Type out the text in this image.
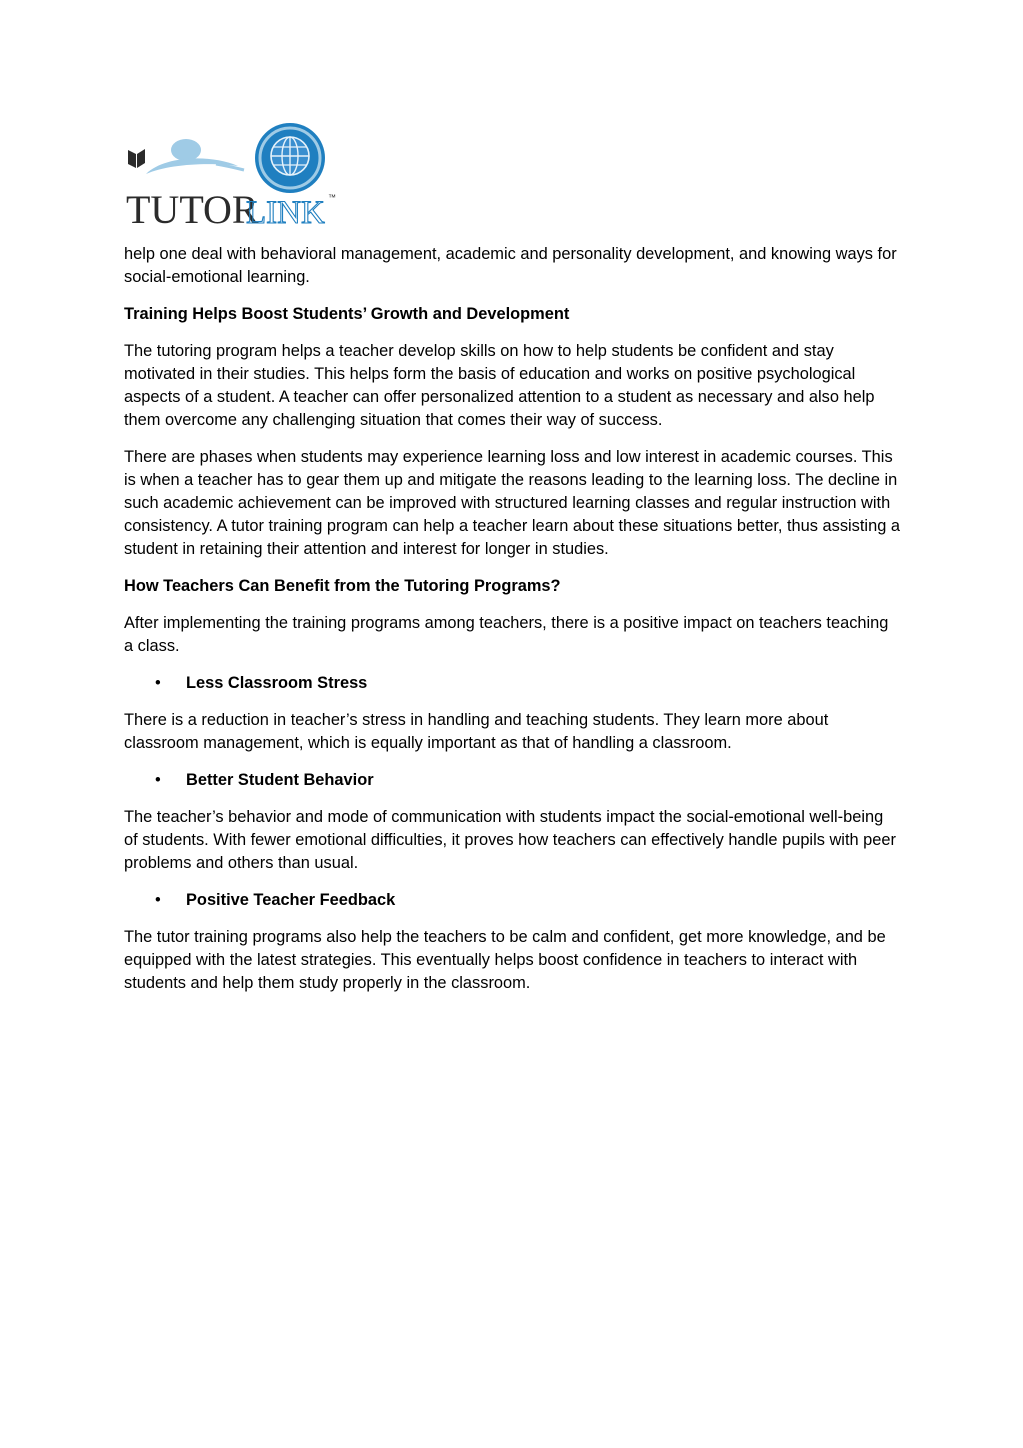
TUTOR
LINK ™

help one deal with behavioral management, academic and personality development, and knowing ways for social-emotional learning.

Training Helps Boost Students’ Growth and Development

The tutoring program helps a teacher develop skills on how to help students be confident and stay motivated in their studies. This helps form the basis of education and works on positive psychological aspects of a student. A teacher can offer personalized attention to a student as necessary and also help them overcome any challenging situation that comes their way of success.

There are phases when students may experience learning loss and low interest in academic courses. This is when a teacher has to gear them up and mitigate the reasons leading to the learning loss. The decline in such academic achievement can be improved with structured learning classes and regular instruction with consistency. A tutor training program can help a teacher learn about these situations better, thus assisting a student in retaining their attention and interest for longer in studies.

How Teachers Can Benefit from the Tutoring Programs?

After implementing the training programs among teachers, there is a positive impact on teachers teaching a class.

• Less Classroom Stress

There is a reduction in teacher’s stress in handling and teaching students. They learn more about classroom management, which is equally important as that of handling a classroom.

• Better Student Behavior

The teacher’s behavior and mode of communication with students impact the social-emotional well-being of students. With fewer emotional difficulties, it proves how teachers can effectively handle pupils with peer problems and others than usual.

• Positive Teacher Feedback

The tutor training programs also help the teachers to be calm and confident, get more knowledge, and be equipped with the latest strategies. This eventually helps boost confidence in teachers to interact with students and help them study properly in the classroom.
